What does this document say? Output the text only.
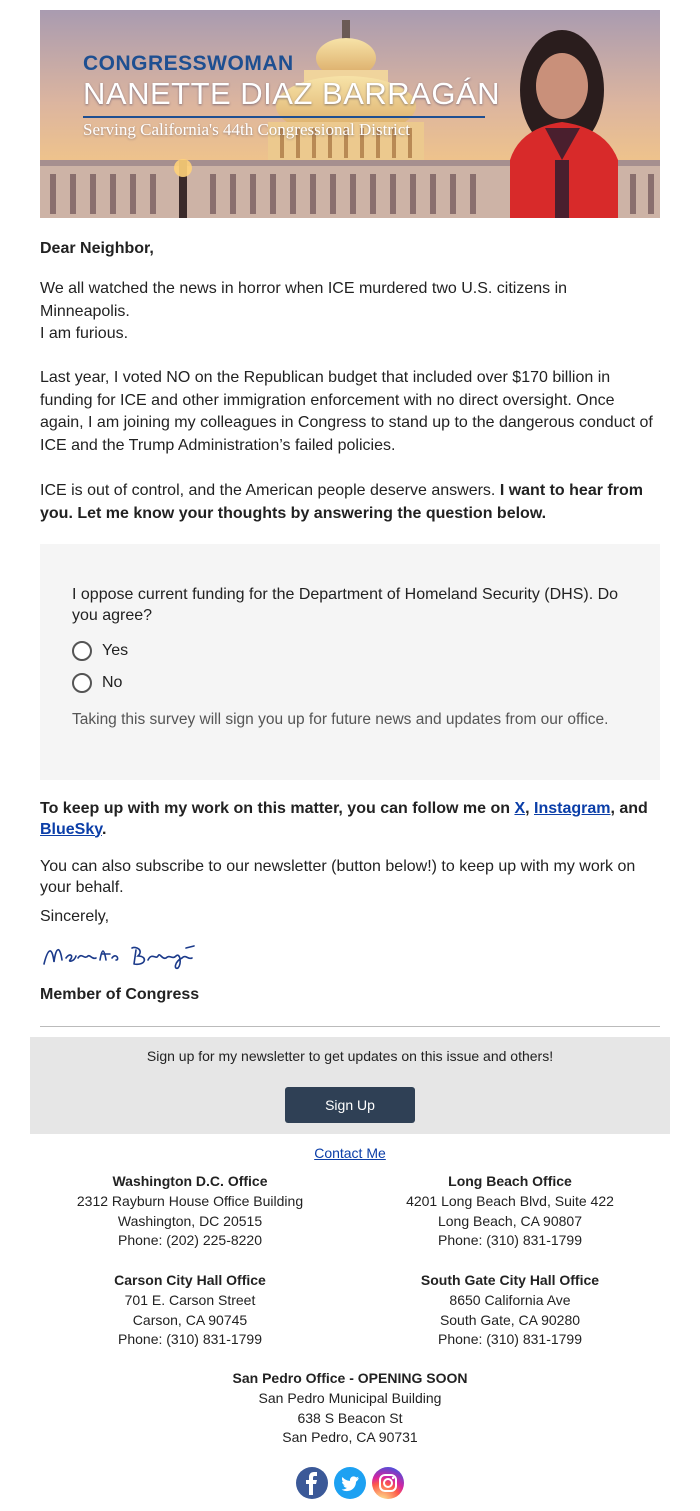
CONGRESSWOMAN
NANETTE DIAZ BARRAGÁN
Serving California's 44th Congressional District
Dear Neighbor,
We all watched the news in horror when ICE murdered two U.S. citizens in Minneapolis.
I am furious.
Last year, I voted NO on the Republican budget that included over $170 billion in funding for ICE and other immigration enforcement with no direct oversight. Once again, I am joining my colleagues in Congress to stand up to the dangerous conduct of ICE and the Trump Administration’s failed policies.
ICE is out of control, and the American people deserve answers. I want to hear from you. Let me know your thoughts by answering the question below.
I oppose current funding for the Department of Homeland Security (DHS). Do you agree?
Yes
No
Taking this survey will sign you up for future news and updates from our office.
To keep up with my work on this matter, you can follow me on X, Instagram, and BlueSky.
You can also subscribe to our newsletter (button below!) to keep up with my work on your behalf.
Sincerely,
Member of Congress
Sign up for my newsletter to get updates on this issue and others!
Sign Up
Contact Me
Washington D.C. Office
2312 Rayburn House Office Building
Washington, DC 20515
Phone: (202) 225-8220
Long Beach Office
4201 Long Beach Blvd, Suite 422
Long Beach, CA 90807
Phone: (310) 831-1799
Carson City Hall Office
701 E. Carson Street
Carson, CA 90745
Phone: (310) 831-1799
South Gate City Hall Office
8650 California Ave
South Gate, CA 90280
Phone: (310) 831-1799
San Pedro Office - OPENING SOON
San Pedro Municipal Building
638 S Beacon St
San Pedro, CA 90731
